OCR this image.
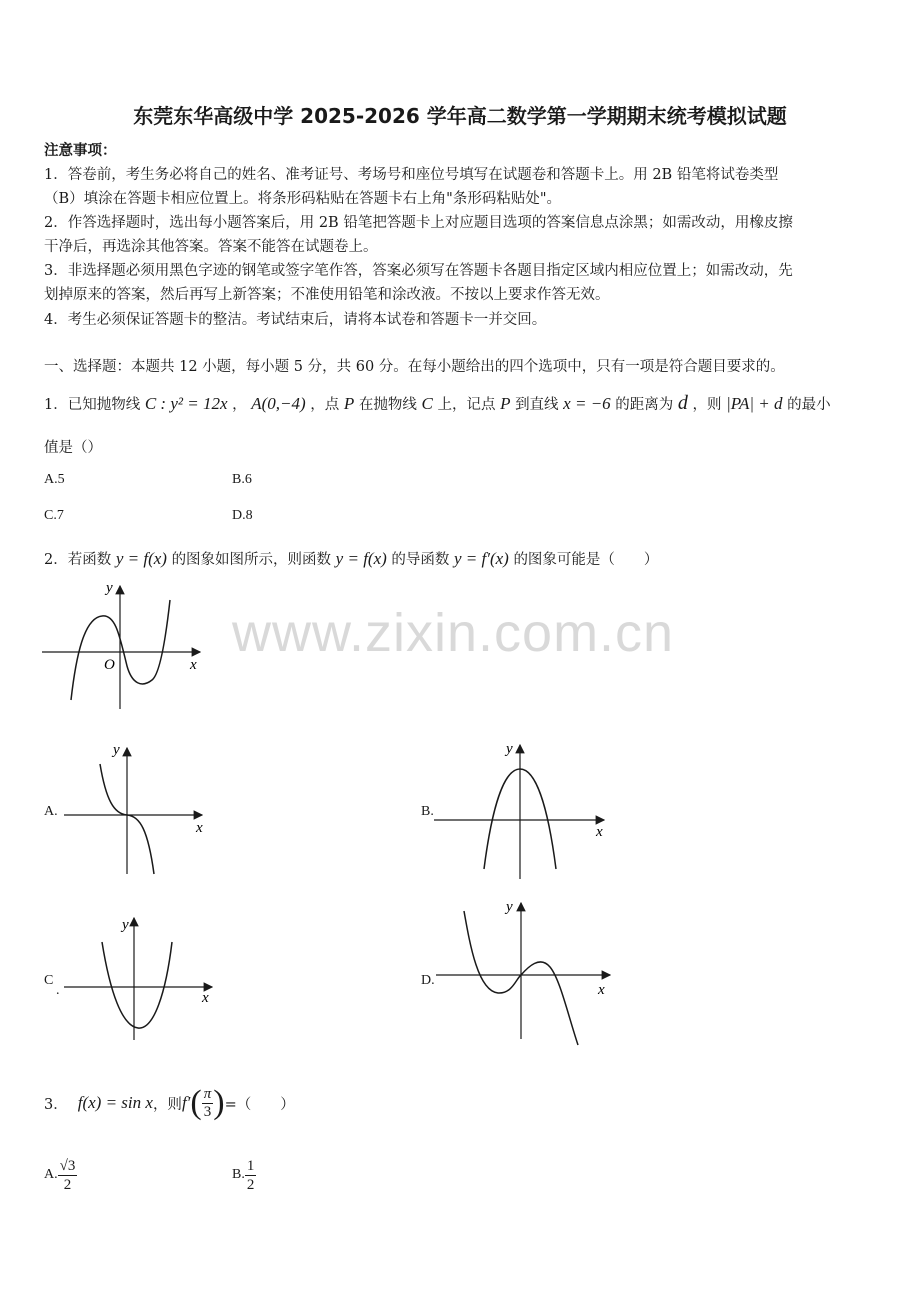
东莞东华高级中学 2025-2026 学年高二数学第一学期期末统考模拟试题
注意事项：
1．答卷前，考生务必将自己的姓名、准考证号、考场号和座位号填写在试题卷和答题卡上。用 2B 铅笔将试卷类型
（B）填涂在答题卡相应位置上。将条形码粘贴在答题卡右上角"条形码粘贴处"。
2．作答选择题时，选出每小题答案后，用 2B 铅笔把答题卡上对应题目选项的答案信息点涂黑；如需改动，用橡皮擦
干净后，再选涂其他答案。答案不能答在试题卷上。
3．非选择题必须用黑色字迹的钢笔或签字笔作答，答案必须写在答题卡各题目指定区域内相应位置上；如需改动，先
划掉原来的答案，然后再写上新答案；不准使用铅笔和涂改液。不按以上要求作答无效。
4．考生必须保证答题卡的整洁。考试结束后，请将本试卷和答题卡一并交回。
一、选择题：本题共 12 小题，每小题 5 分，共 60 分。在每小题给出的四个选项中，只有一项是符合题目要求的。
1．已知抛物线 C : y² = 12x ， A(0,−4) ，点 P 在抛物线 C 上，记点 P 到直线 x = −6 的距离为 d ，则 |PA| + d 的最小
值是（）
A.5	B.6
C.7	D.8
2．若函数 y = f(x) 的图象如图所示，则函数 y = f(x) 的导函数 y = f′(x) 的图象可能是（　　）
y
x
O
www.zixin.com.cn
A.
y
x
B.
y
x
C
.
y
x
D.
y
x
3． f(x) = sin x ，则 f′ ( $\frac{\pi}{3}$ ) =（　　）
A. $\frac{√3}{2}$	B. $\frac{1}{2}$
